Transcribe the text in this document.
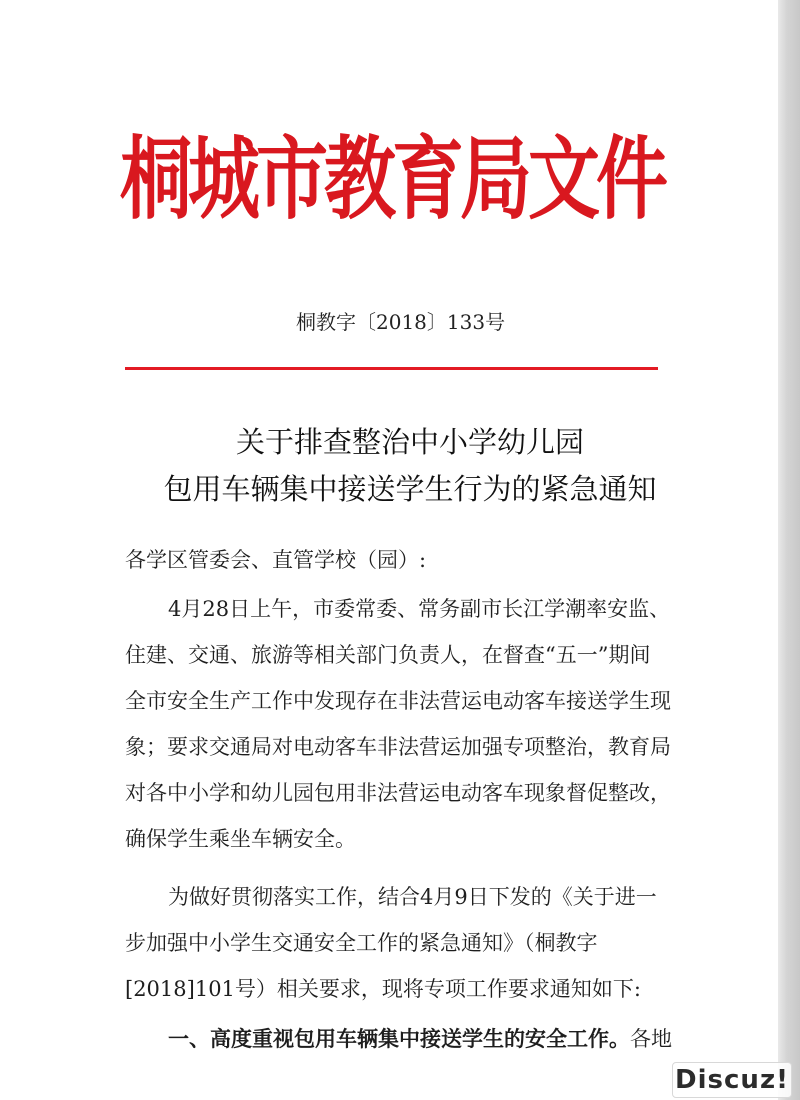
桐城市教育局文件
桐教字〔2018〕133号
关于排查整治中小学幼儿园
包用车辆集中接送学生行为的紧急通知
各学区管委会、直管学校（园）:
4月28日上午，市委常委、常务副市长江学潮率安监、
住建、交通、旅游等相关部门负责人，在督查“五一”期间
全市安全生产工作中发现存在非法营运电动客车接送学生现
象；要求交通局对电动客车非法营运加强专项整治，教育局
对各中小学和幼儿园包用非法营运电动客车现象督促整改，
确保学生乘坐车辆安全。
为做好贯彻落实工作，结合4月9日下发的《关于进一
步加强中小学生交通安全工作的紧急通知》（桐教字
[2018]101号）相关要求，现将专项工作要求通知如下:
一、高度重视包用车辆集中接送学生的安全工作。各地
Discuz!
